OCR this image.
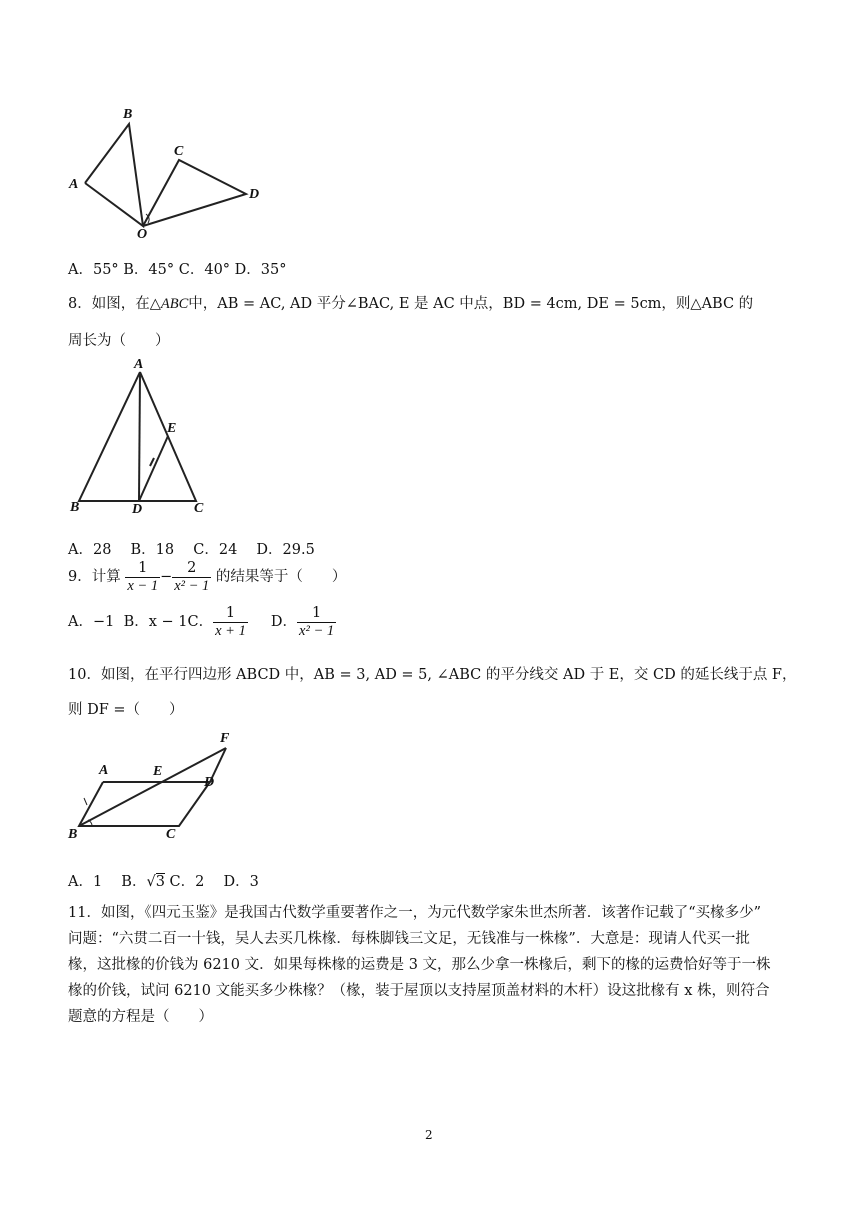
B
A
C
D
O
A．55° B．45° C．40° D．35°
8．如图，在△ABC中，AB = AC, AD 平分∠BAC, E 是 AC 中点，BD = 4cm, DE = 5cm，则△ABC 的
周长为（　　）
A
E
B	D	C
A．28　 B．18　 C．24　 D．29.5
9．计算 $\frac{1}{x - 1} - \frac{2}{\text{x² − 1}}$ 的结果等于（　　）
A．−1 B．x − 1C． $\frac{1}{x + 1}$ D． $\frac{1}{\text{x² − 1}}$
10．如图，在平行四边形 ABCD 中，AB = 3, AD = 5, ∠ABC 的平分线交 AD 于 E，交 CD 的延长线于点 F，
则 DF =（　　）
F
A	E
D
B	C
A．1　 B．√3 C．2　 D．3
11．如图，《四元玉鉴》是我国古代数学重要著作之一，为元代数学家朱世杰所著．该著作记载了“买椽多少”
问题：“六贯二百一十钱，吴人去买几株椽．每株脚钱三文足，无钱准与一株椽”．大意是：现请人代买一批
椽，这批椽的价钱为 6210 文．如果每株椽的运费是 3 文，那么少拿一株椽后，剩下的椽的运费恰好等于一株
椽的价钱，试问 6210 文能买多少株椽？（椽，装于屋顶以支持屋顶盖材料的木杆）设这批椽有 x 株，则符合
题意的方程是（　　）
2
